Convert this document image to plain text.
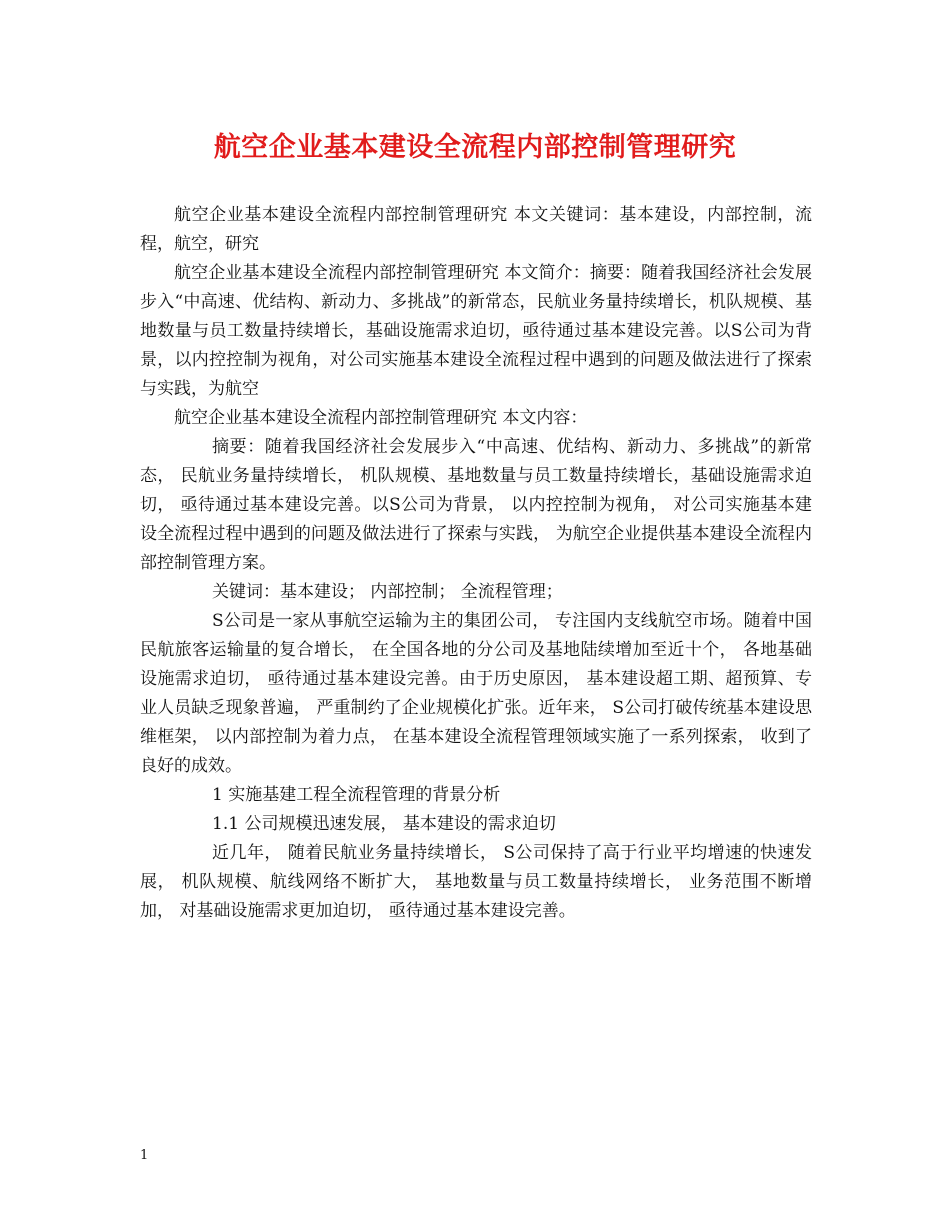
航空企业基本建设全流程内部控制管理研究

航空企业基本建设全流程内部控制管理研究 本文关键词：基本建设，内部控制，流程，航空，研究

航空企业基本建设全流程内部控制管理研究 本文简介：摘要：随着我国经济社会发展步入“中高速、优结构、新动力、多挑战”的新常态，民航业务量持续增长，机队规模、基地数量与员工数量持续增长，基础设施需求迫切，亟待通过基本建设完善。以S公司为背景，以内控控制为视角，对公司实施基本建设全流程过程中遇到的问题及做法进行了探索与实践，为航空

航空企业基本建设全流程内部控制管理研究 本文内容：

摘要：随着我国经济社会发展步入“中高速、优结构、新动力、多挑战”的新常态， 民航业务量持续增长， 机队规模、基地数量与员工数量持续增长，基础设施需求迫切， 亟待通过基本建设完善。以S公司为背景， 以内控控制为视角， 对公司实施基本建设全流程过程中遇到的问题及做法进行了探索与实践， 为航空企业提供基本建设全流程内部控制管理方案。

关键词：基本建设； 内部控制； 全流程管理；

S公司是一家从事航空运输为主的集团公司， 专注国内支线航空市场。随着中国民航旅客运输量的复合增长， 在全国各地的分公司及基地陆续增加至近十个， 各地基础设施需求迫切， 亟待通过基本建设完善。由于历史原因， 基本建设超工期、超预算、专业人员缺乏现象普遍， 严重制约了企业规模化扩张。近年来， S公司打破传统基本建设思维框架， 以内部控制为着力点， 在基本建设全流程管理领域实施了一系列探索， 收到了良好的成效。

1 实施基建工程全流程管理的背景分析

1.1 公司规模迅速发展， 基本建设的需求迫切

近几年， 随着民航业务量持续增长， S公司保持了高于行业平均增速的快速发展， 机队规模、航线网络不断扩大， 基地数量与员工数量持续增长， 业务范围不断增加， 对基础设施需求更加迫切， 亟待通过基本建设完善。

1
